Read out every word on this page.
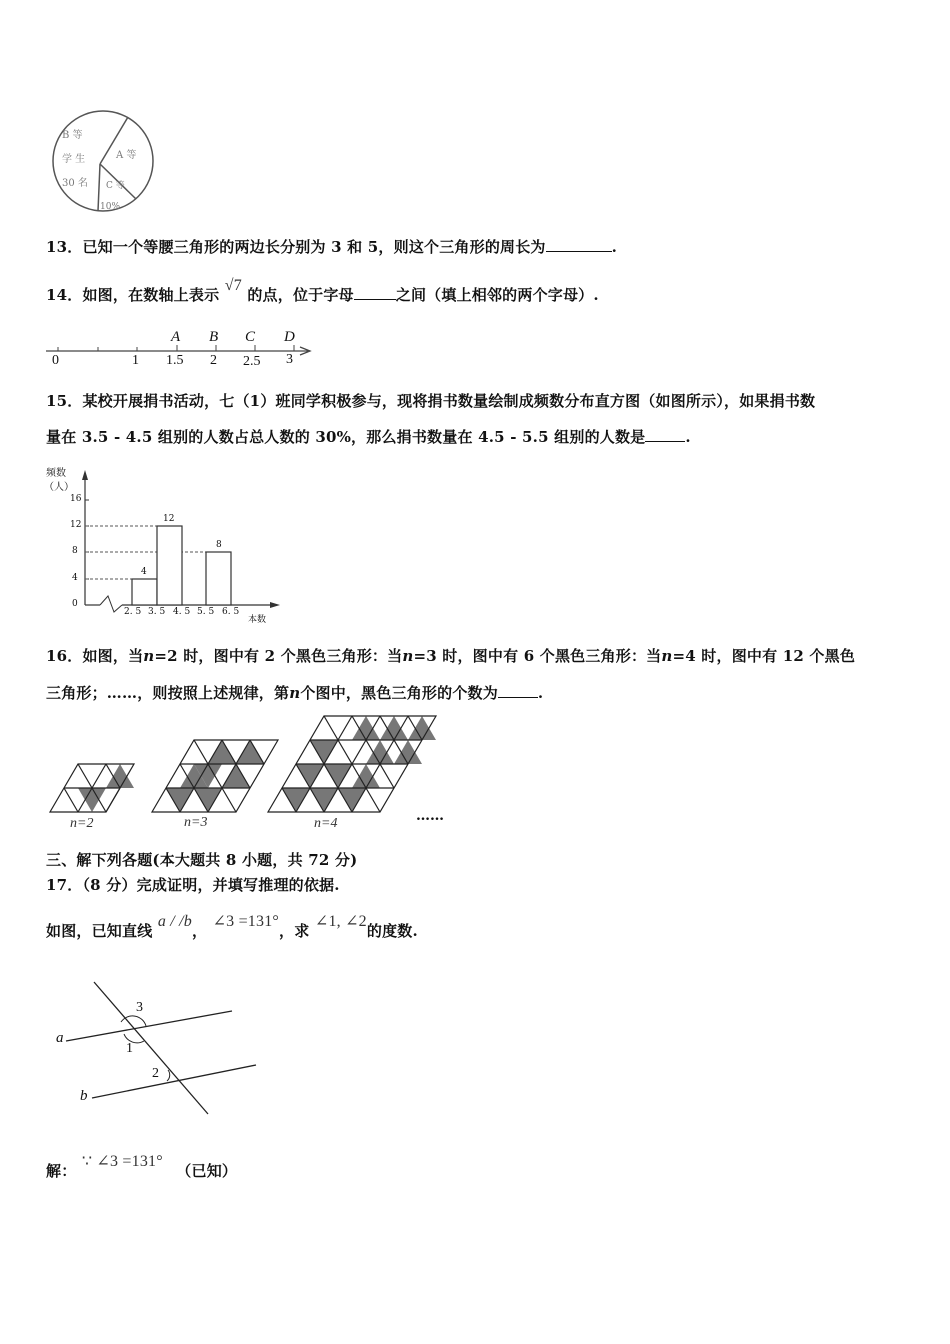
B 等
学 生
30 名
A 等
C 等
10%
13．已知一个等腰三角形的两边长分别为 3 和 5，则这个三角形的周长为	.
14．如图，在数轴上表示 √7 的点，位于字母	之间（填上相邻的两个字母）.
0	1 1.5 2 2.5 3
A B C D
15．某校开展捐书活动，七（1）班同学积极参与，现将捐书数量绘制成频数分布直方图（如图所示），如果捐书数
量在 3.5 - 4.5 组别的人数占总人数的 30%，那么捐书数量在 4.5 - 5.5 组别的人数是	.
频数
（人）
16
12
8
4
0
2. 5 3. 5 4. 5 5. 5 6. 5
本数
4
12
8
16．如图，当n=2 时，图中有 2 个黑色三角形：当n=3 时，图中有 6 个黑色三角形：当n=4 时，图中有 12 个黑色
三角形；……，则按照上述规律，第n个图中，黑色三角形的个数为	.
n=2	n=3	n=4	……
三、解下列各题(本大题共 8 小题，共 72 分)
17．（8 分）完成证明，并填写推理的依据.
如图，已知直线 a / /b， ∠3 =131°，求 ∠1, ∠2的度数.
a
b
3
1
2
解： ∵ ∠3 =131° （已知）
